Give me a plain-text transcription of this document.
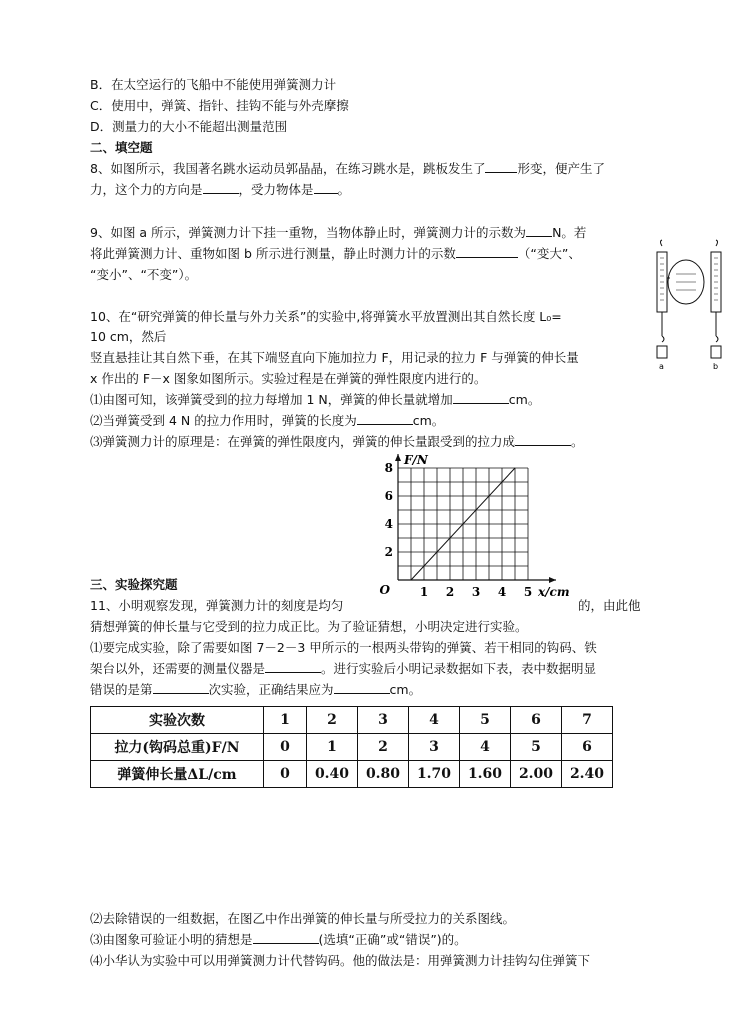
B．在太空运行的飞船中不能使用弹簧测力计
C．使用中，弹簧、指针、挂钩不能与外壳摩擦
D．测量力的大小不能超出测量范围
二、填空题
8、如图所示，我国著名跳水运动员郭晶晶，在练习跳水是，跳板发生了	形变，便产生了
力，这个力的方向是	，受力物体是 。
9、如图 a 所示，弹簧测力计下挂一重物，当物体静止时，弹簧测力计的示数为 N。若
将此弹簧测力计、重物如图 b 所示进行测量，静止时测力计的示数	（“变大”、
“变小”、“不变”）。
a	b
10、在“研究弹簧的伸长量与外力关系”的实验中,将弹簧水平放置测出其自然长度 L₀=
10 cm，然后
竖直悬挂让其自然下垂，在其下端竖直向下施加拉力 F，用记录的拉力 F 与弹簧的伸长量
x 作出的 F－x 图象如图所示。实验过程是在弹簧的弹性限度内进行的。
⑴由图可知，该弹簧受到的拉力每增加 1 N，弹簧的伸长量就增加	cm。
⑵当弹簧受到 4 N 的拉力作用时，弹簧的长度为	cm。
⑶弹簧测力计的原理是：在弹簧的弹性限度内，弹簧的伸长量跟受到的拉力成	。
1 2 3 4 5
2
4
6
8
O	x/cm
F/N
三、实验探究题
11、小明观察发现，弹簧测力计的刻度是均匀	的，由此他
猜想弹簧的伸长量与它受到的拉力成正比。为了验证猜想，小明决定进行实验。
⑴要完成实验，除了需要如图 7－2－3 甲所示的一根两头带钩的弹簧、若干相同的钩码、铁
架台以外，还需要的测量仪器是	。进行实验后小明记录数据如下表，表中数据明显
错误的是第	次实验，正确结果应为	cm。
实验次数	1	2	3	4	5	6	7
拉力(钩码总重)F/N	0	1	2	3	4	5	6
弹簧伸长量ΔL/cm	0	0.40	0.80	1.70	1.60	2.00	2.40
⑵去除错误的一组数据，在图乙中作出弹簧的伸长量与所受拉力的关系图线。
⑶由图象可验证小明的猜想是	(选填“正确”或“错误”)的。
⑷小华认为实验中可以用弹簧测力计代替钩码。他的做法是：用弹簧测力计挂钩勾住弹簧下
